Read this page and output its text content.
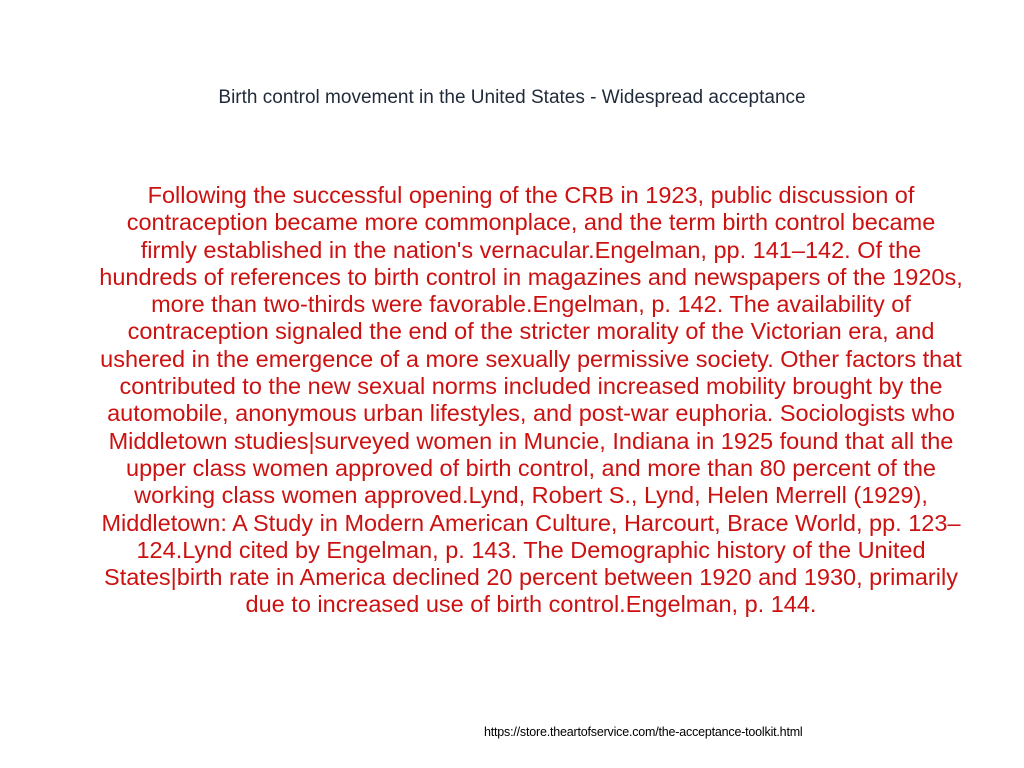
Birth control movement in the United States - Widespread acceptance
Following the successful opening of the CRB in 1923, public discussion of contraception became more commonplace, and the term birth control became firmly established in the nation's vernacular.Engelman, pp. 141–142. Of the hundreds of references to birth control in magazines and newspapers of the 1920s, more than two-thirds were favorable.Engelman, p. 142. The availability of contraception signaled the end of the stricter morality of the Victorian era, and ushered in the emergence of a more sexually permissive society. Other factors that contributed to the new sexual norms included increased mobility brought by the automobile, anonymous urban lifestyles, and post-war euphoria. Sociologists who Middletown studies|surveyed women in Muncie, Indiana in 1925 found that all the upper class women approved of birth control, and more than 80 percent of the working class women approved.Lynd, Robert S., Lynd, Helen Merrell (1929), Middletown: A Study in Modern American Culture, Harcourt, Brace World, pp. 123–124.Lynd cited by Engelman, p. 143. The Demographic history of the United States|birth rate in America declined 20 percent between 1920 and 1930, primarily due to increased use of birth control.Engelman, p. 144.
https://store.theartofservice.com/the-acceptance-toolkit.html
